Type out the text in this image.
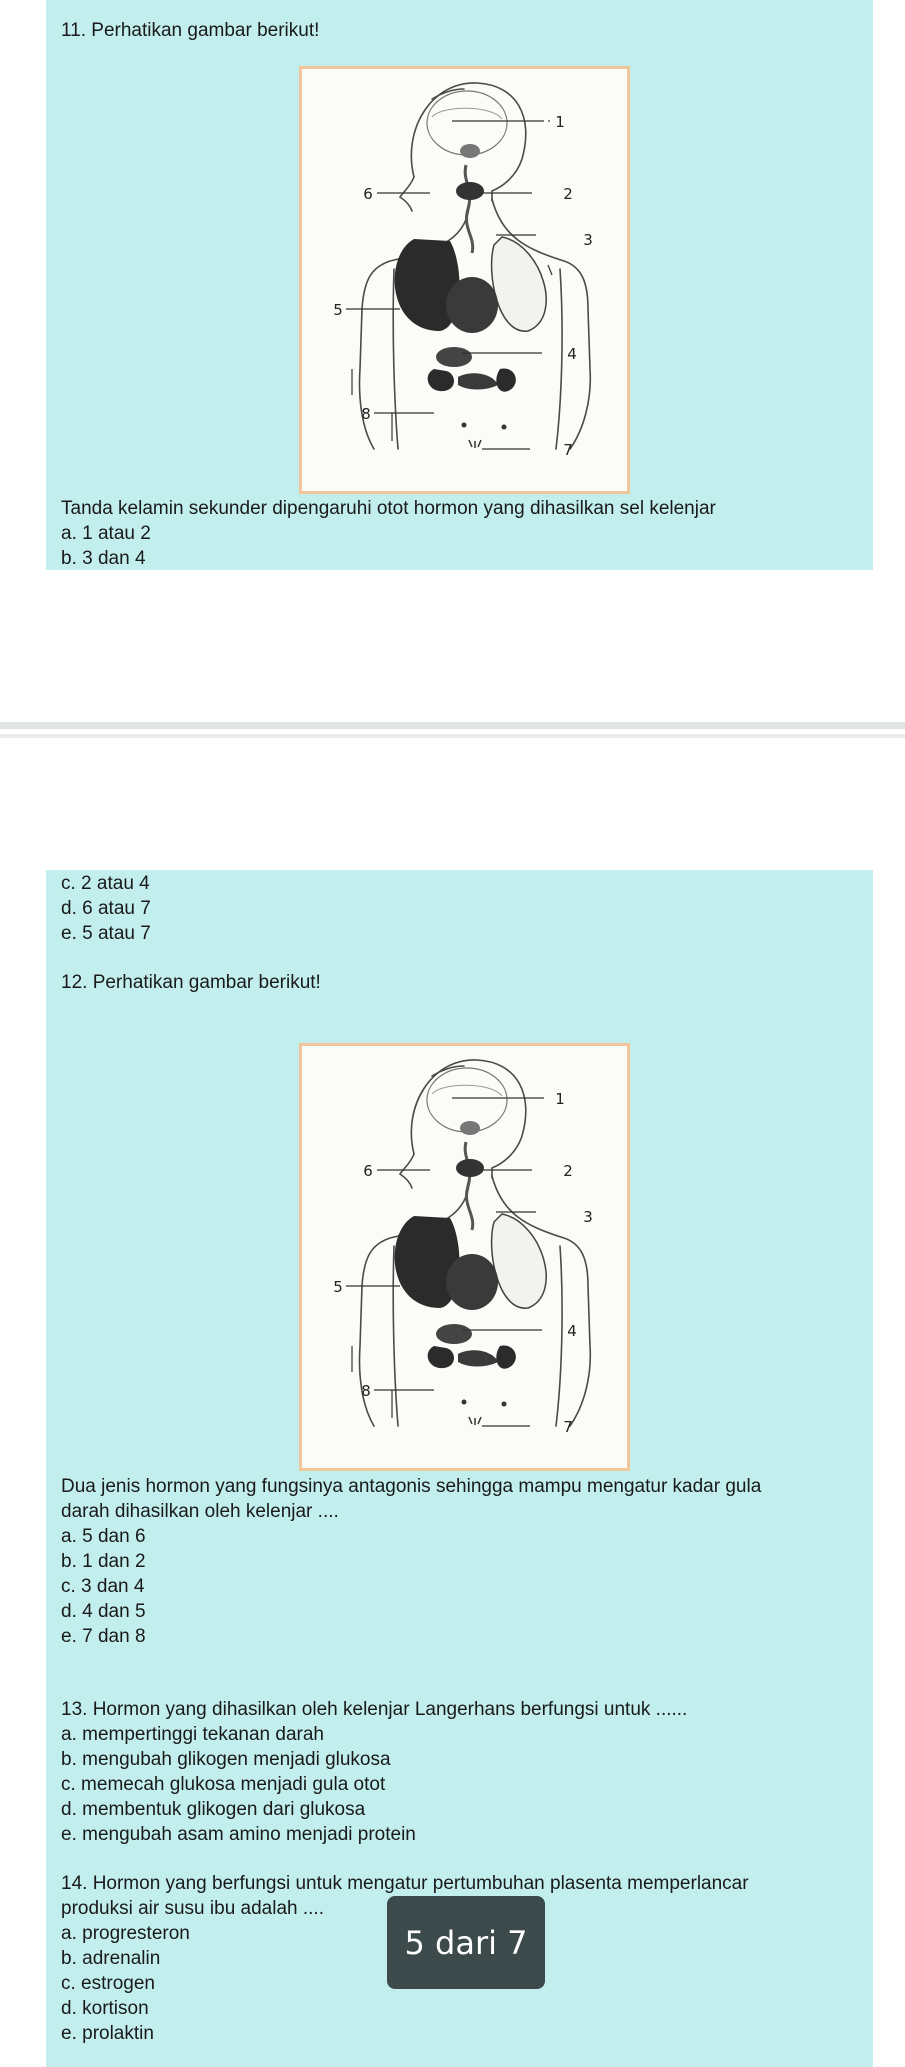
11. Perhatikan gambar berikut!
1
2
3
4
5
6
7
8
Tanda kelamin sekunder dipengaruhi otot hormon yang dihasilkan sel kelenjar
a. 1 atau 2
b. 3 dan 4
c. 2 atau 4
d. 6 atau 7
e. 5 atau 7
12. Perhatikan gambar berikut!
1
2
3
4
5
6
7
8
Dua jenis hormon yang fungsinya antagonis sehingga mampu mengatur kadar gula
darah dihasilkan oleh kelenjar ....
a. 5 dan 6
b. 1 dan 2
c. 3 dan 4
d. 4 dan 5
e. 7 dan 8
13. Hormon yang dihasilkan oleh kelenjar Langerhans berfungsi untuk ......
a. mempertinggi tekanan darah
b. mengubah glikogen menjadi glukosa
c. memecah glukosa menjadi gula otot
d. membentuk glikogen dari glukosa
e. mengubah asam amino menjadi protein
14. Hormon yang berfungsi untuk mengatur pertumbuhan plasenta memperlancar
produksi air susu ibu adalah ....
a. progresteron
b. adrenalin
c. estrogen
d. kortison
e. prolaktin
5 dari 7
